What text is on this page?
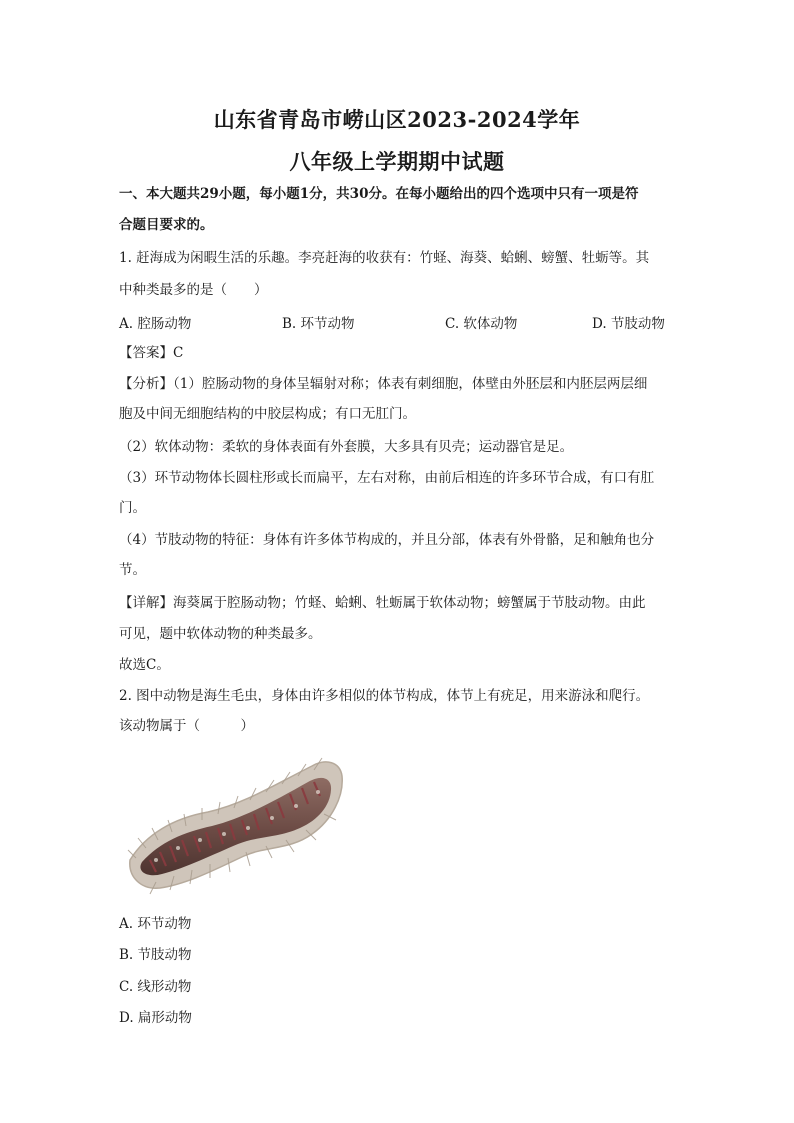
山东省青岛市崂山区2023-2024学年
八年级上学期期中试题
一、本大题共29小题，每小题1分，共30分。在每小题给出的四个选项中只有一项是符
合题目要求的。
1. 赶海成为闲暇生活的乐趣。李亮赶海的收获有：竹蛏、海葵、蛤蜊、螃蟹、牡蛎等。其
中种类最多的是（　　）
A. 腔肠动物	B. 环节动物	C. 软体动物	D. 节肢动物
【答案】C
【分析】（1）腔肠动物的身体呈辐射对称；体表有刺细胞，体壁由外胚层和内胚层两层细
胞及中间无细胞结构的中胶层构成；有口无肛门。
（2）软体动物：柔软的身体表面有外套膜，大多具有贝壳；运动器官是足。
（3）环节动物体长圆柱形或长而扁平，左右对称，由前后相连的许多环节合成，有口有肛
门。
（4）节肢动物的特征：身体有许多体节构成的，并且分部，体表有外骨骼，足和触角也分
节。
【详解】海葵属于腔肠动物；竹蛏、蛤蜊、牡蛎属于软体动物；螃蟹属于节肢动物。由此
可见，题中软体动物的种类最多。
故选C。
2. 图中动物是海生毛虫，身体由许多相似的体节构成，体节上有疣足，用来游泳和爬行。
该动物属于（　　　）
A. 环节动物
B. 节肢动物
C. 线形动物
D. 扁形动物
